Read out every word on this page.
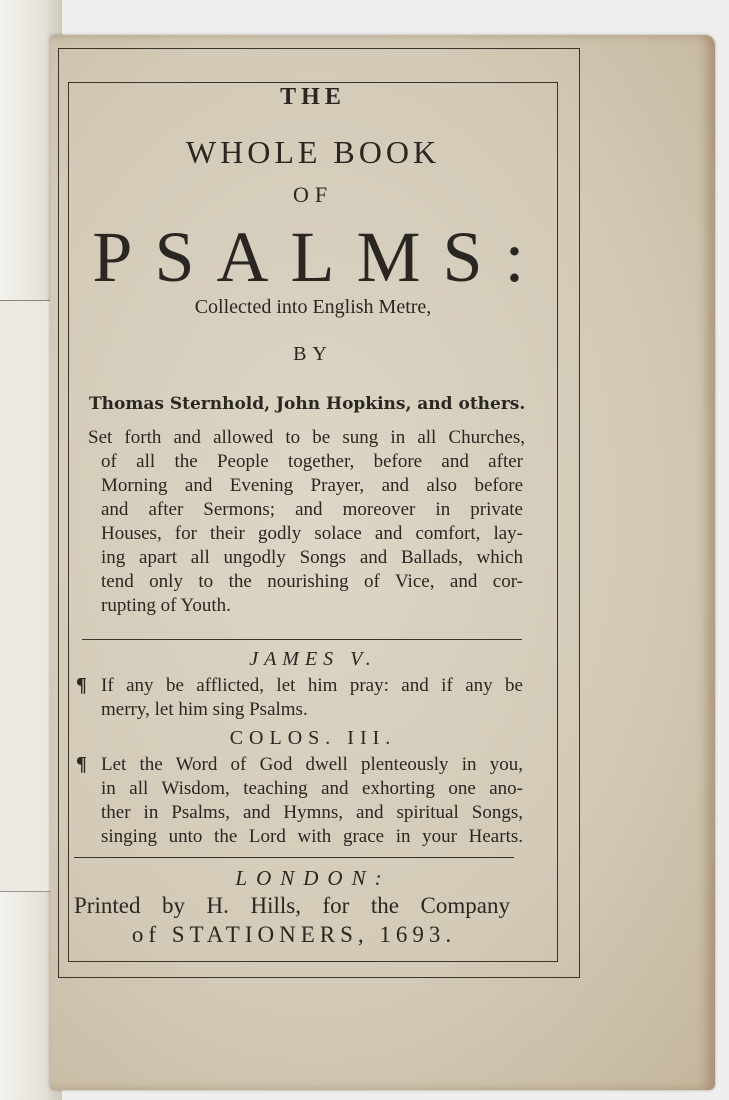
THE
WHOLE BOOK
OF
PSALMS:
Collected into English Metre,
BY
Thomas Sternhold, John Hopkins, and others.
Set forth and allowed to be sung in all Churches,
of all the People together, before and after
Morning and Evening Prayer, and also before
and after Sermons; and moreover in private
Houses, for their godly solace and comfort, lay-
ing apart all ungodly Songs and Ballads, which
tend only to the nourishing of Vice, and cor-
rupting of Youth.
JAMES V.
¶ If any be afflicted, let him pray: and if any be
merry, let him sing Psalms.
COLOS. III.
¶ Let the Word of God dwell plenteously in you,
in all Wisdom, teaching and exhorting one ano-
ther in Psalms, and Hymns, and spiritual Songs,
singing unto the Lord with grace in your Hearts.
LONDON:
Printed by H. Hills, for the Company
of STATIONERS, 1693.
